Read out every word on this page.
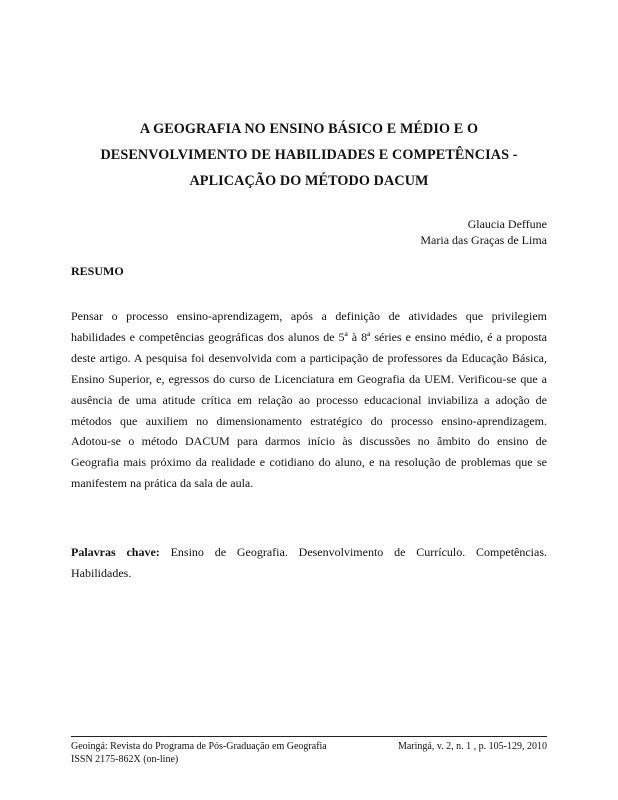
A GEOGRAFIA NO ENSINO BÁSICO E MÉDIO E O
DESENVOLVIMENTO DE HABILIDADES E COMPETÊNCIAS -
APLICAÇÃO DO MÉTODO DACUM
Glaucia Deffune
Maria das Graças de Lima
RESUMO
Pensar o processo ensino-aprendizagem, após a definição de atividades que privilegiem
habilidades e competências geográficas dos alunos de 5ª à 8ª séries e ensino médio, é a proposta
deste artigo. A pesquisa foi desenvolvida com a participação de professores da Educação Básica,
Ensino Superior, e, egressos do curso de Licenciatura em Geografia da UEM. Verificou-se que a
ausência de uma atitude crítica em relação ao processo educacional inviabiliza a adoção de
métodos que auxiliem no dimensionamento estratégico do processo ensino-aprendizagem.
Adotou-se o método DACUM para darmos início às discussões no âmbito do ensino de
Geografia mais próximo da realidade e cotidiano do aluno, e na resolução de problemas que se
manifestem na prática da sala de aula.
Palavras chave: Ensino de Geografia. Desenvolvimento de Currículo. Competências.
Habilidades.
Geoingá: Revista do Programa de Pós-Graduação em Geografia	Maringá, v. 2, n. 1 , p. 105-129, 2010
ISSN 2175-862X (on-line)
